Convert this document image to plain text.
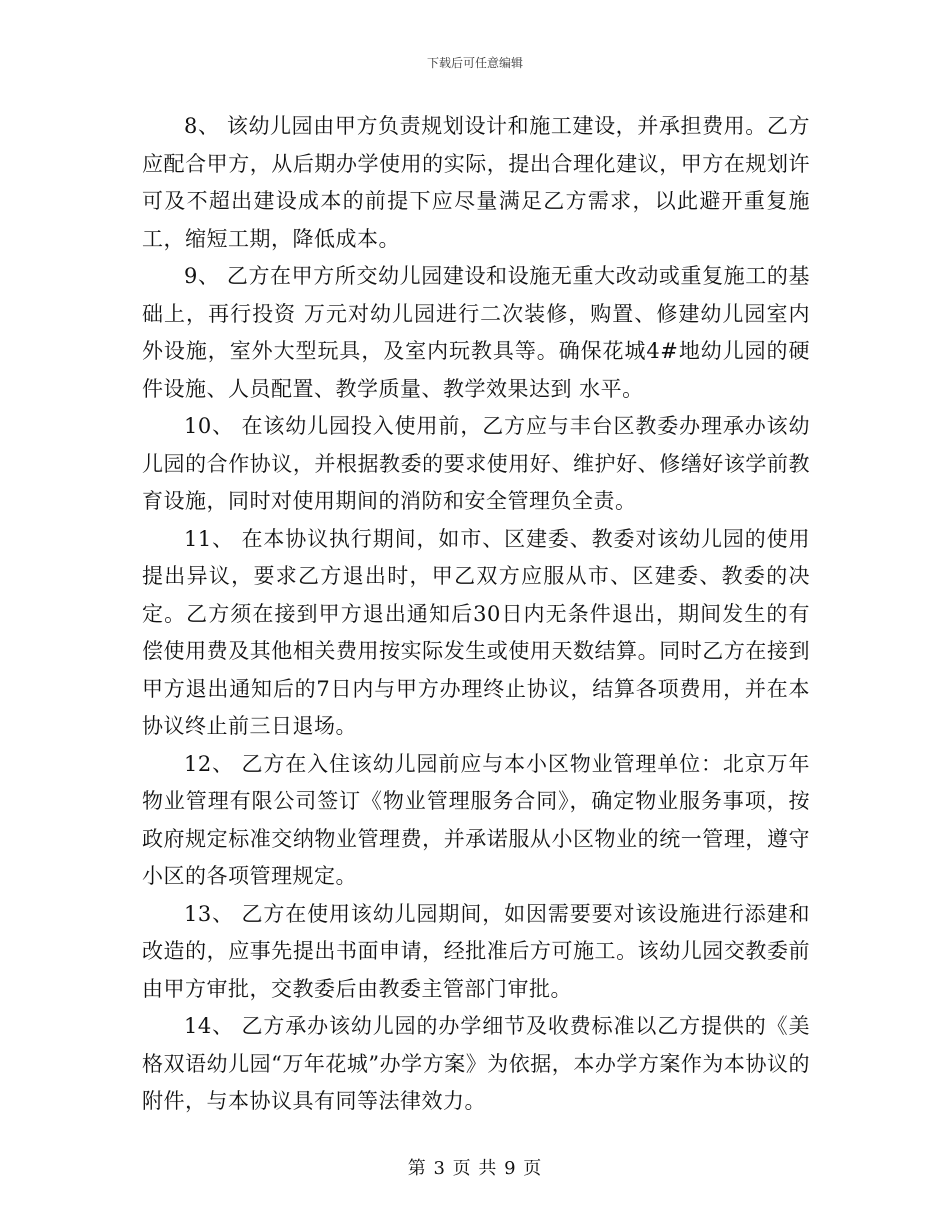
下载后可任意编辑

8、 该幼儿园由甲方负责规划设计和施工建设，并承担费用。乙方应配合甲方，从后期办学使用的实际，提出合理化建议，甲方在规划许可及不超出建设成本的前提下应尽量满足乙方需求，以此避开重复施工，缩短工期，降低成本。

9、 乙方在甲方所交幼儿园建设和设施无重大改动或重复施工的基础上，再行投资 万元对幼儿园进行二次装修，购置、修建幼儿园室内外设施，室外大型玩具，及室内玩教具等。确保花城4#地幼儿园的硬件设施、人员配置、教学质量、教学效果达到 水平。

10、 在该幼儿园投入使用前，乙方应与丰台区教委办理承办该幼儿园的合作协议，并根据教委的要求使用好、维护好、修缮好该学前教育设施，同时对使用期间的消防和安全管理负全责。

11、 在本协议执行期间，如市、区建委、教委对该幼儿园的使用提出异议，要求乙方退出时，甲乙双方应服从市、区建委、教委的决定。乙方须在接到甲方退出通知后30日内无条件退出，期间发生的有偿使用费及其他相关费用按实际发生或使用天数结算。同时乙方在接到甲方退出通知后的7日内与甲方办理终止协议，结算各项费用，并在本协议终止前三日退场。

12、 乙方在入住该幼儿园前应与本小区物业管理单位：北京万年物业管理有限公司签订《物业管理服务合同》，确定物业服务事项，按政府规定标准交纳物业管理费，并承诺服从小区物业的统一管理，遵守小区的各项管理规定。

13、 乙方在使用该幼儿园期间，如因需要要对该设施进行添建和改造的，应事先提出书面申请，经批准后方可施工。该幼儿园交教委前由甲方审批，交教委后由教委主管部门审批。

14、 乙方承办该幼儿园的办学细节及收费标准以乙方提供的《美格双语幼儿园“万年花城”办学方案》为依据，本办学方案作为本协议的附件，与本协议具有同等法律效力。

第 3 页 共 9 页
